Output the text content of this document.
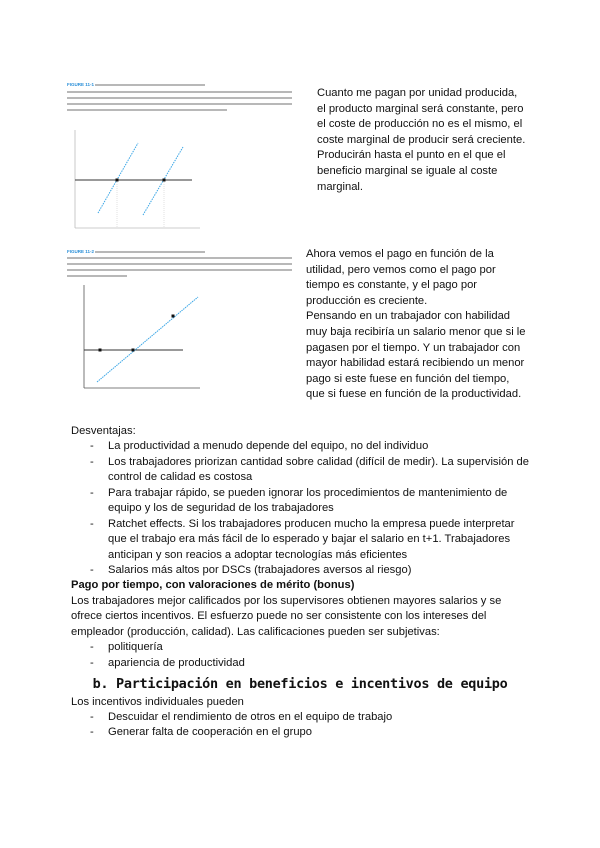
FIGURE 11-1
FIGURE 11-2
Cuanto me pagan por unidad producida,
el producto marginal será constante, pero
el coste de producción no es el mismo, el
coste marginal de producir será creciente.
Producirán hasta el punto en el que el
beneficio marginal se iguale al coste
marginal.
Ahora vemos el pago en función de la
utilidad, pero vemos como el pago por
tiempo es constante, y el pago por
producción es creciente.
Pensando en un trabajador con habilidad
muy baja recibiría un salario menor que si le
pagasen por el tiempo. Y un trabajador con
mayor habilidad estará recibiendo un menor
pago si este fuese en función del tiempo,
que si fuese en función de la productividad.
Desventajas:
- La productividad a menudo depende del equipo, no del individuo
- Los trabajadores priorizan cantidad sobre calidad (difícil de medir). La supervisión de
control de calidad es costosa
- Para trabajar rápido, se pueden ignorar los procedimientos de mantenimiento de
equipo y los de seguridad de los trabajadores
- Ratchet effects. Si los trabajadores producen mucho la empresa puede interpretar
que el trabajo era más fácil de lo esperado y bajar el salario en t+1. Trabajadores
anticipan y son reacios a adoptar tecnologías más eficientes
- Salarios más altos por DSCs (trabajadores aversos al riesgo)
Pago por tiempo, con valoraciones de mérito (bonus)
Los trabajadores mejor calificados por los supervisores obtienen mayores salarios y se
ofrece ciertos incentivos. El esfuerzo puede no ser consistente con los intereses del
empleador (producción, calidad). Las calificaciones pueden ser subjetivas:
- politiquería
- apariencia de productividad
b. Participación en beneficios e incentivos de equipo
Los incentivos individuales pueden
- Descuidar el rendimiento de otros en el equipo de trabajo
- Generar falta de cooperación en el grupo
